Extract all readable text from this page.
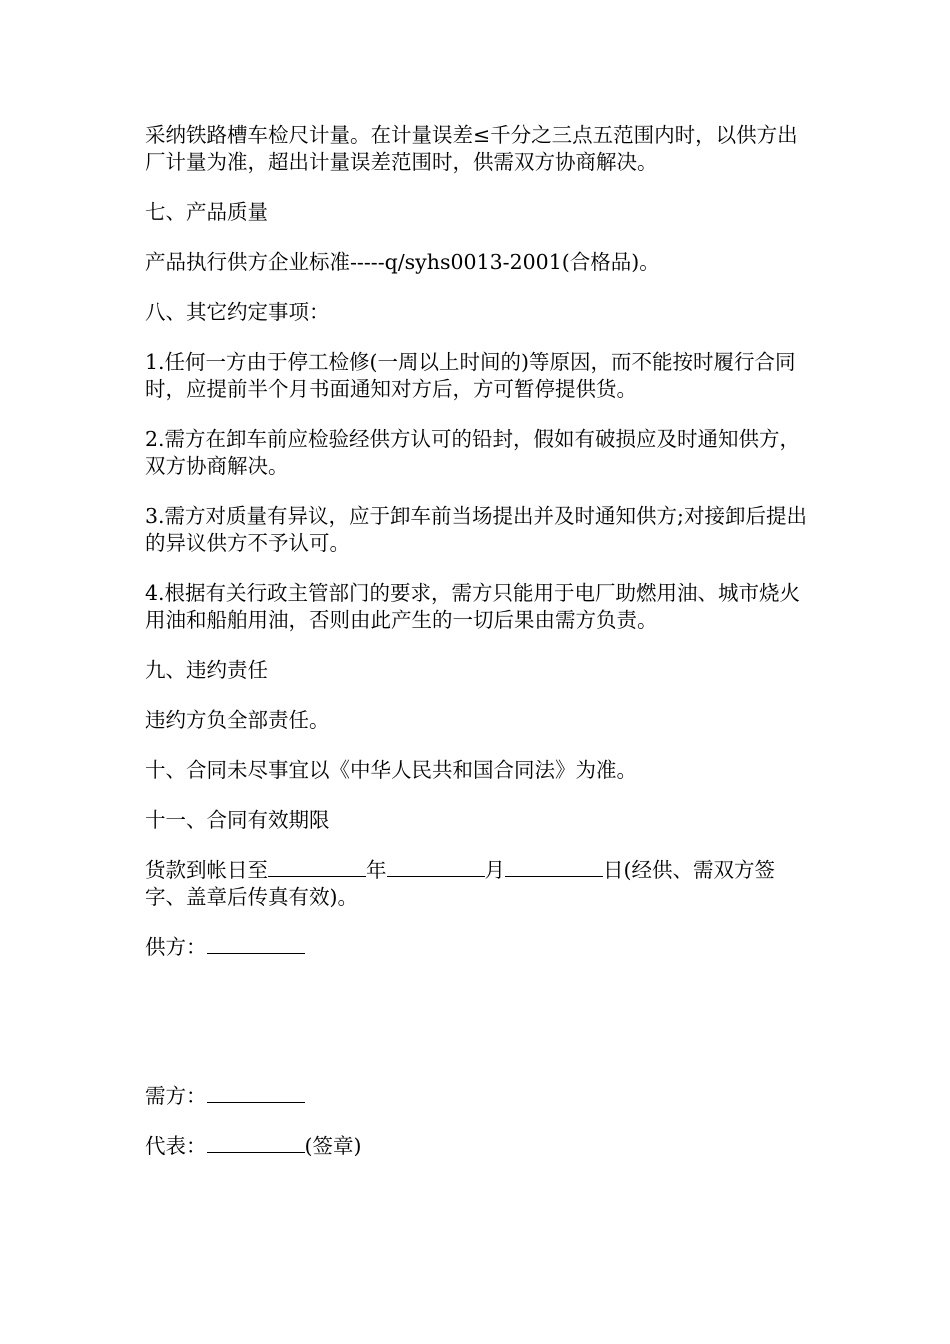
采纳铁路槽车检尺计量。在计量误差≤千分之三点五范围内时，以供方出厂计量为准，超出计量误差范围时，供需双方协商解决。

七、产品质量

产品执行供方企业标准-----q/syhs0013-2001(合格品)。

八、其它约定事项：

1.任何一方由于停工检修(一周以上时间的)等原因，而不能按时履行合同时，应提前半个月书面通知对方后，方可暂停提供货。

2.需方在卸车前应检验经供方认可的铅封，假如有破损应及时通知供方，双方协商解决。

3.需方对质量有异议，应于卸车前当场提出并及时通知供方;对接卸后提出的异议供方不予认可。

4.根据有关行政主管部门的要求，需方只能用于电厂助燃用油、城市烧火用油和船舶用油，否则由此产生的一切后果由需方负责。

九、违约责任

违约方负全部责任。

十、合同未尽事宜以《中华人民共和国合同法》为准。

十一、合同有效期限

货款到帐日至	年	月	日(经供、需双方签字、盖章后传真有效)。

供方：

需方：

代表：	(签章)
